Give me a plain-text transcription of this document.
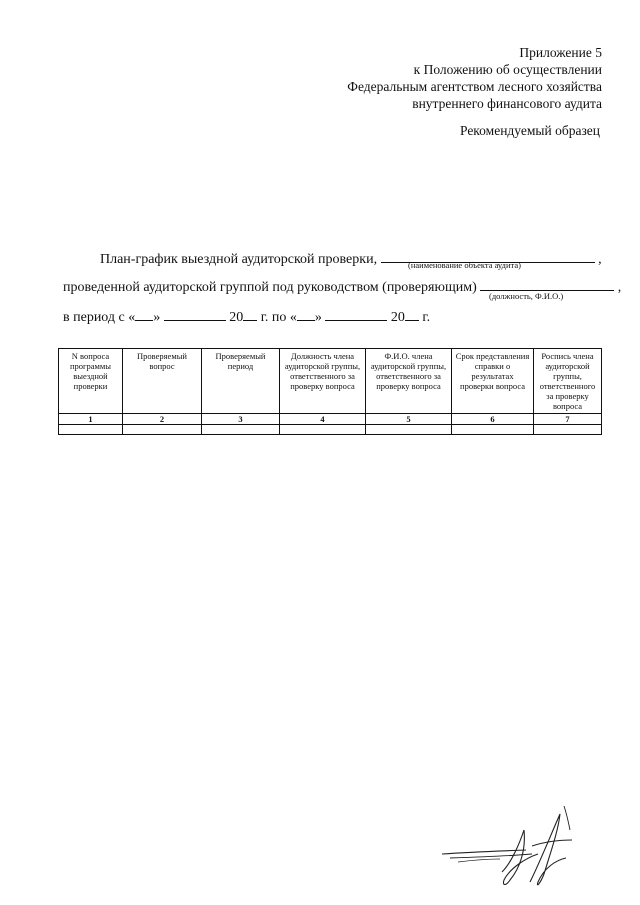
Приложение 5
к Положению об осуществлении
Федеральным агентством лесного хозяйства
внутреннего финансового аудита
Рекомендуемый образец
План-график выездной аудиторской проверки,	,
(наименование объекта аудита)
проведенной аудиторской группой под руководством (проверяющим)	,
(должность, Ф.И.О.)
в период с « »	20 г. по « »	20 г.
N вопроса программы выездной проверки	Проверяемый вопрос	Проверяемый период	Должность члена аудиторской группы, ответственного за проверку вопроса	Ф.И.О. члена аудиторской группы, ответственного за проверку вопроса	Срок представления справки о результатах проверки вопроса	Роспись члена аудиторской группы, ответственного за проверку вопроса
1	2	3	4	5	6	7
